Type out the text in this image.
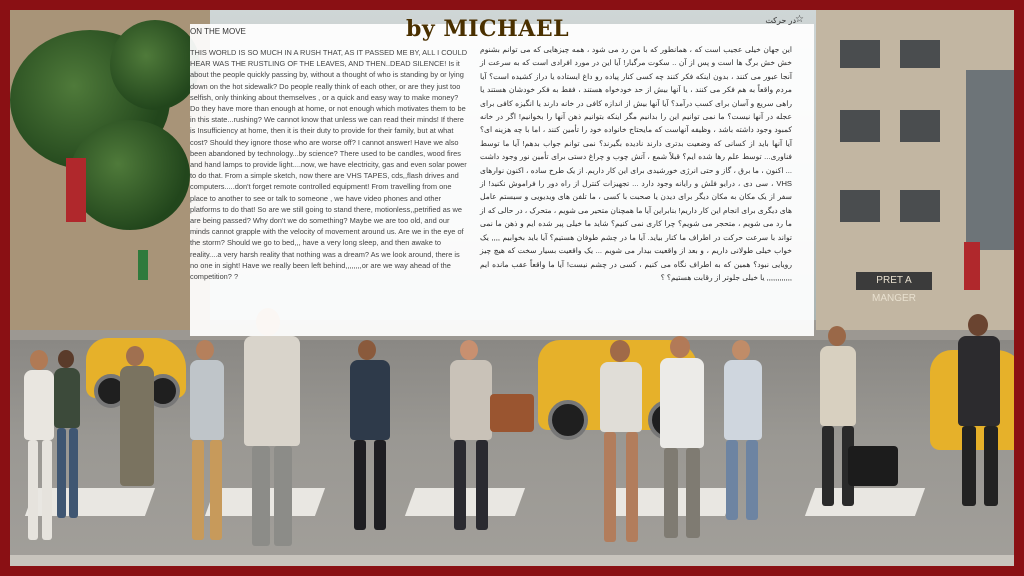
PRET A MANGER
by MICHAEL
ON THE MOVE
THIS WORLD IS SO MUCH IN A RUSH THAT, AS IT PASSED ME BY, ALL I COULD HEAR WAS THE RUSTLING OF THE LEAVES, AND THEN..DEAD SILENCE! Is it about the people quickly passing by, without a thought of who is standing by or lying down on the hot sidewalk? Do people really think of each other, or are they just too selfish, only thinking about themselves , or a quick and easy way to make money? Do they have more than enough at home, or not enough which motivates them to be in this state...rushing? We cannot know that unless we can read their minds! If there is Insufficiency at home, then it is their duty to provide for their family, but at what cost? Should they ignore those who are worse off? I cannot answer! Have we also been abandoned by technology...by science? There used to be candles, wood fires and hand lamps to provide light....now, we have electricity, gas and even solar power to do that. From a simple sketch, now there are VHS TAPES, cds,,flash drives and computers.....don't forget remote controlled equipment! From travelling from one place to another to see or talk to someone , we have video phones and other platforms to do that! So are we still going to stand there, motionless,,petrified as we are being passed? Why don't we do something? Maybe we are too old, and our minds cannot grapple with the velocity of movement around us. Are we in the eye of the storm? Should we go to bed,,, have a very long sleep, and then awake to reality....a very harsh reality that nothing was a dream? As we look around, there is no one in sight! Have we really been left behind,,,,,,,,or are we way ahead of the competition? ?
در حرکت ☆
این جهان خیلی عجیب است که ، همانطور که با من رد می شود ، همه چیزهایی که می توانم بشنوم خش خش برگ ها است و پس از آن .. سکوت مرگبار! آیا این در مورد افرادی است که به سرعت از آنجا عبور می کنند ، بدون اینکه فکر کنند چه کسی کنار پیاده رو داغ ایستاده یا دراز کشیده است؟ آیا مردم واقعاً به هم فکر می کنند ، یا آنها بیش از حد خودخواه هستند ، فقط به فکر خودشان هستند یا راهی سریع و آسان برای کسب درآمد؟ آیا آنها بیش از اندازه کافی در خانه دارند یا انگیزه کافی برای عجله در آنها نیست؟ ما نمی توانیم این را بدانیم مگر اینکه بتوانیم ذهن آنها را بخوانیم! اگر در خانه کمبود وجود داشته باشد ، وظیفه آنهاست که مایحتاج خانواده خود را تأمین کنند ، اما با چه هزینه ای؟ آیا آنها باید از کسانی که وضعیت بدتری دارند نادیده بگیرند؟ نمی توانم جواب بدهم! آیا ما توسط فناوری... توسط علم رها شده ایم؟ قبلاً شمع ، آتش چوب و چراغ دستی برای تأمین نور وجود داشت ... اکنون ، ما برق ، گاز و حتی انرژی خورشیدی برای این کار داریم. از یک طرح ساده ، اکنون نوارهای VHS ، سی دی ، درایو فلش و رایانه وجود دارد ... تجهیزات کنترل از راه دور را فراموش نکنید! از سفر از یک مکان به مکان دیگر برای دیدن یا صحبت با کسی ، ما تلفن های ویدیویی و سیستم عامل های دیگری برای انجام این کار داریم! بنابراین آیا ما همچنان متحیر می شویم ، متحرک ، در حالی که از ما رد می شویم ، متحجر می شویم؟ چرا کاری نمی کنیم؟ شاید ما خیلی پیر شده ایم و ذهن ما نمی تواند با سرعت حرکت در اطراف ما کنار بیاید. آیا ما در چشم طوفان هستیم؟ آیا باید بخوابیم ,,,, یک خواب خیلی طولانی داریم ، و بعد از واقعیت بیدار می شویم ... یک واقعیت بسیار سخت که هیچ چیز رویایی نبود؟ همین که به اطراف نگاه می کنیم ، کسی در چشم نیست! آیا ما واقعاً عقب مانده ایم ,,,,,,,,,,,, یا خیلی جلوتر از رقابت هستیم؟ ؟
